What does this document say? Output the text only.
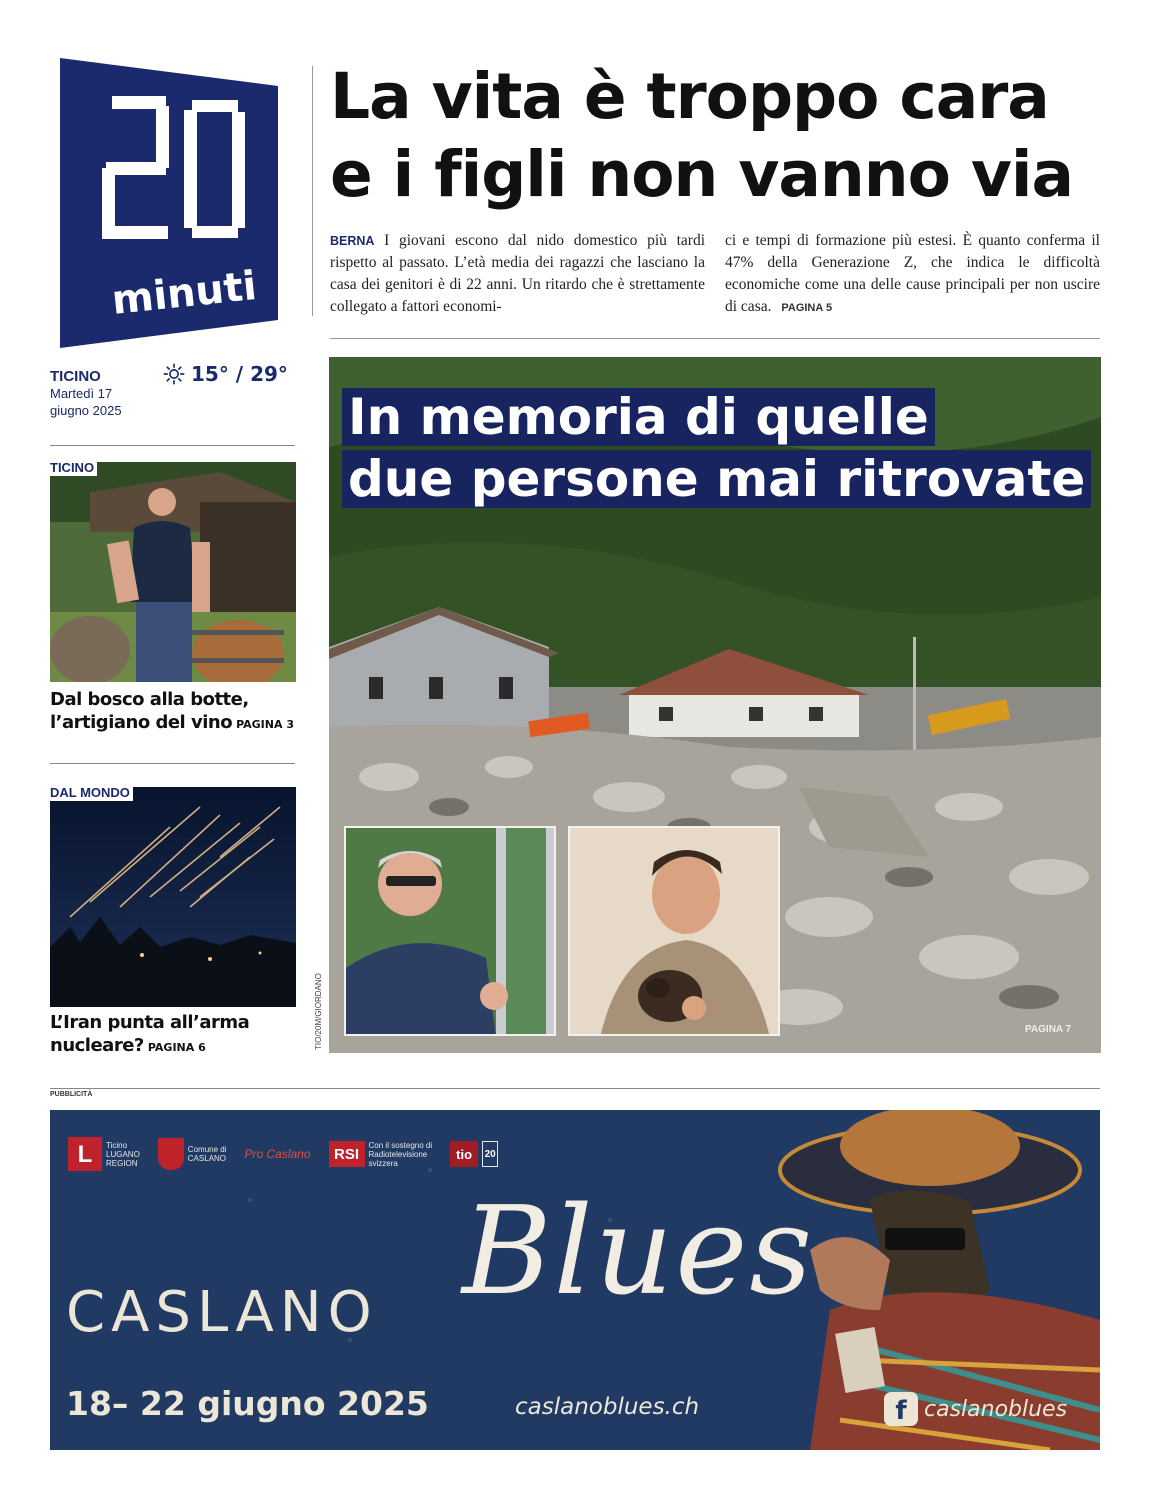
minuti
La vita è troppo cara
e i figli non vanno via

BERNA I giovani escono dal nido domestico più tardi rispetto al passato. L’età media dei ragazzi che lasciano la casa dei genitori è di 22 anni. Un ritardo che è strettamente collegato a fattori economi-

ci e tempi di formazione più estesi. È quanto conferma il 47% della Generazione Z, che indica le difficoltà economiche come una delle cause principali per non uscire di casa. PAGINA 5

TICINO
Martedì 17
giugno 2025
15° / 29°
TICINO
Dal bosco alla botte,
l’artigiano del vino PAGINA 3
DAL MONDO
L’Iran punta all’arma
nucleare? PAGINA 6
In memoria di quelle
due persone mai ritrovate
TIO/20M/GIORDANO	PAGINA 7
PUBBLICITÀ
L	Ticino
LUGANO
REGION
Comune di
CASLANO Pro Caslano	RSI
Con il sostegno di
Radiotelevisione
svizzera
tio	20
CASLANO Blues
18– 22 giugno 2025	caslanoblues.ch	f caslanoblues
